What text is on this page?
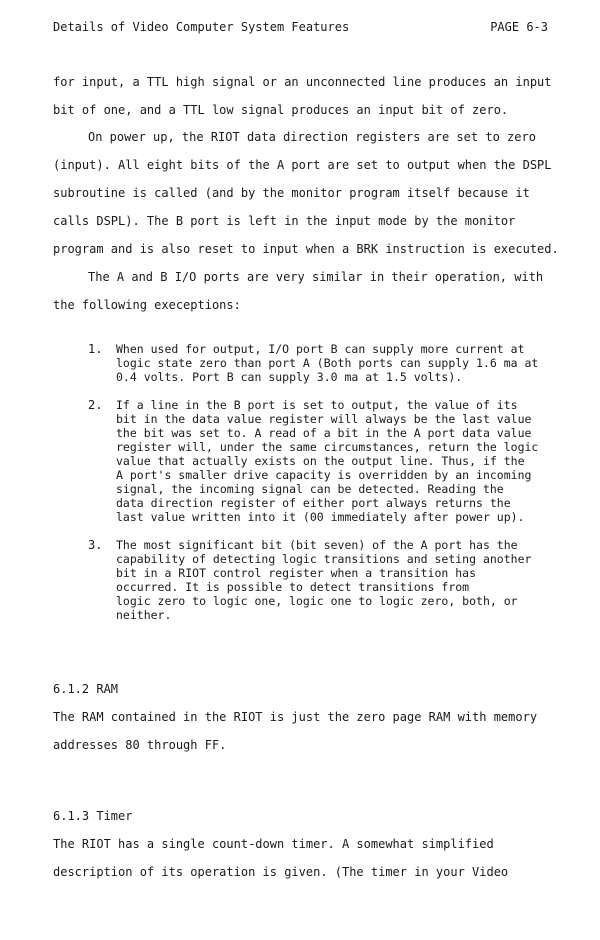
Details of Video Computer System Features	PAGE 6-3
for input, a TTL high signal or an unconnected line produces an input
bit of one, and a TTL low signal produces an input bit of zero.
On power up, the RIOT data direction registers are set to zero
(input). All eight bits of the A port are set to output when the DSPL
subroutine is called (and by the monitor program itself because it
calls DSPL). The B port is left in the input mode by the monitor
program and is also reset to input when a BRK instruction is executed.
The A and B I/O ports are very similar in their operation, with
the following execeptions:
1. When used for output, I/O port B can supply more current at
logic state zero than port A (Both ports can supply 1.6 ma at
0.4 volts. Port B can supply 3.0 ma at 1.5 volts).
2. If a line in the B port is set to output, the value of its
bit in the data value register will always be the last value
the bit was set to. A read of a bit in the A port data value
register will, under the same circumstances, return the logic
value that actually exists on the output line. Thus, if the
A port's smaller drive capacity is overridden by an incoming
signal, the incoming signal can be detected. Reading the
data direction register of either port always returns the
last value written into it (00 immediately after power up).
3. The most significant bit (bit seven) of the A port has the
capability of detecting logic transitions and seting another
bit in a RIOT control register when a transition has
occurred. It is possible to detect transitions from
logic zero to logic one, logic one to logic zero, both, or
neither.
6.1.2 RAM
The RAM contained in the RIOT is just the zero page RAM with memory
addresses 80 through FF.
6.1.3 Timer
The RIOT has a single count-down timer. A somewhat simplified
description of its operation is given. (The timer in your Video
